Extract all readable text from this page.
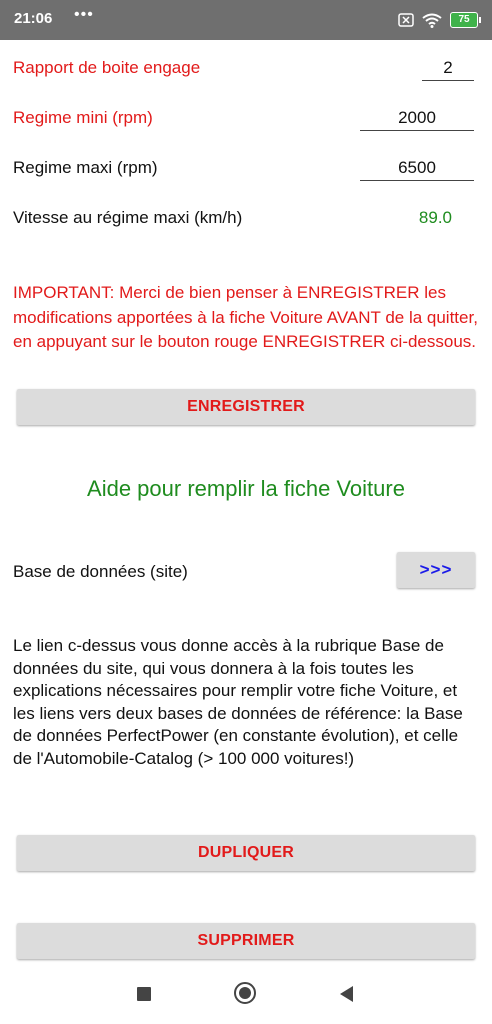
21:06 •••	75
Rapport de boite engage	2
Regime mini (rpm)	2000
Regime maxi (rpm)	6500
Vitesse au régime maxi (km/h)	89.0
IMPORTANT: Merci de bien penser à ENREGISTRER les modifications apportées à la fiche Voiture AVANT de la quitter, en appuyant sur le bouton rouge ENREGISTRER ci-dessous.
ENREGISTRER
Aide pour remplir la fiche Voiture
Base de données (site)	>>>
Le lien c-dessus vous donne accès à la rubrique Base de données du site, qui vous donnera à la fois toutes les explications nécessaires pour remplir votre fiche Voiture, et les liens vers deux bases de données de référence: la Base de données PerfectPower (en constante évolution), et celle de l'Automobile-Catalog (> 100 000 voitures!)
DUPLIQUER
SUPPRIMER
